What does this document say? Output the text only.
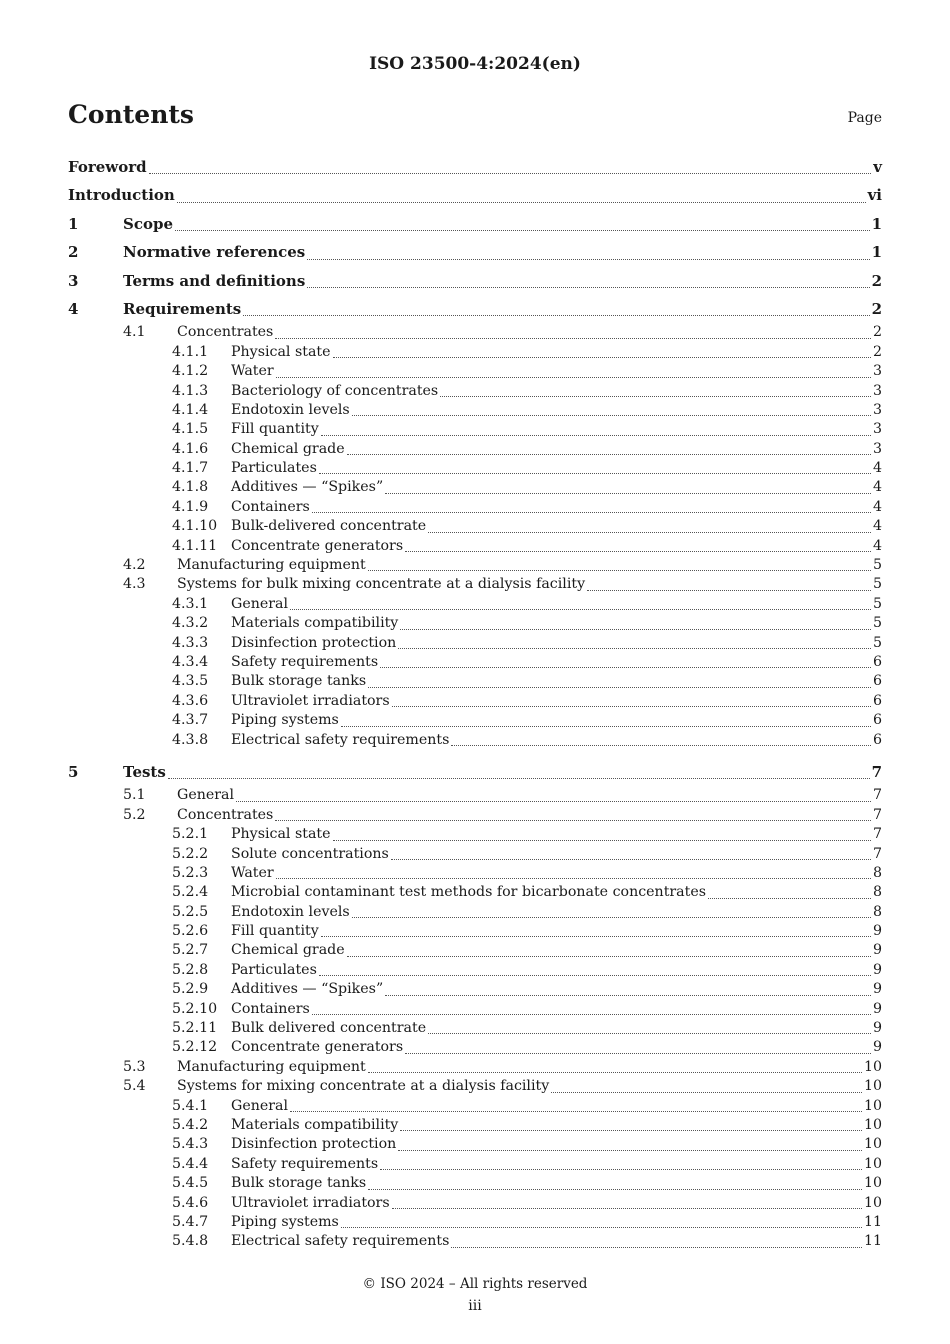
ISO 23500-4:2024(en)
Contents	Page
Foreword	v
Introduction	vi
1	Scope	1
2	Normative references	1
3	Terms and definitions	2
4	Requirements	2
4.1 Concentrates	2
4.1.1 Physical state	2
4.1.2 Water	3
4.1.3 Bacteriology of concentrates	3
4.1.4 Endotoxin levels	3
4.1.5 Fill quantity	3
4.1.6 Chemical grade	3
4.1.7 Particulates	4
4.1.8 Additives — “Spikes”	4
4.1.9 Containers	4
4.1.10 Bulk-delivered concentrate	4
4.1.11 Concentrate generators	4
4.2 Manufacturing equipment	5
4.3 Systems for bulk mixing concentrate at a dialysis facility	5
4.3.1 General	5
4.3.2 Materials compatibility	5
4.3.3 Disinfection protection	5
4.3.4 Safety requirements	6
4.3.5 Bulk storage tanks	6
4.3.6 Ultraviolet irradiators	6
4.3.7 Piping systems	6
4.3.8 Electrical safety requirements	6
5	Tests	7
5.1 General	7
5.2 Concentrates	7
5.2.1 Physical state	7
5.2.2 Solute concentrations	7
5.2.3 Water	8
5.2.4 Microbial contaminant test methods for bicarbonate concentrates	8
5.2.5 Endotoxin levels	8
5.2.6 Fill quantity	9
5.2.7 Chemical grade	9
5.2.8 Particulates	9
5.2.9 Additives — “Spikes”	9
5.2.10 Containers	9
5.2.11 Bulk delivered concentrate	9
5.2.12 Concentrate generators	9
5.3 Manufacturing equipment	10
5.4 Systems for mixing concentrate at a dialysis facility	10
5.4.1 General	10
5.4.2 Materials compatibility	10
5.4.3 Disinfection protection	10
5.4.4 Safety requirements	10
5.4.5 Bulk storage tanks	10
5.4.6 Ultraviolet irradiators	10
5.4.7 Piping systems	11
5.4.8 Electrical safety requirements	11
© ISO 2024 – All rights reserved
iii
